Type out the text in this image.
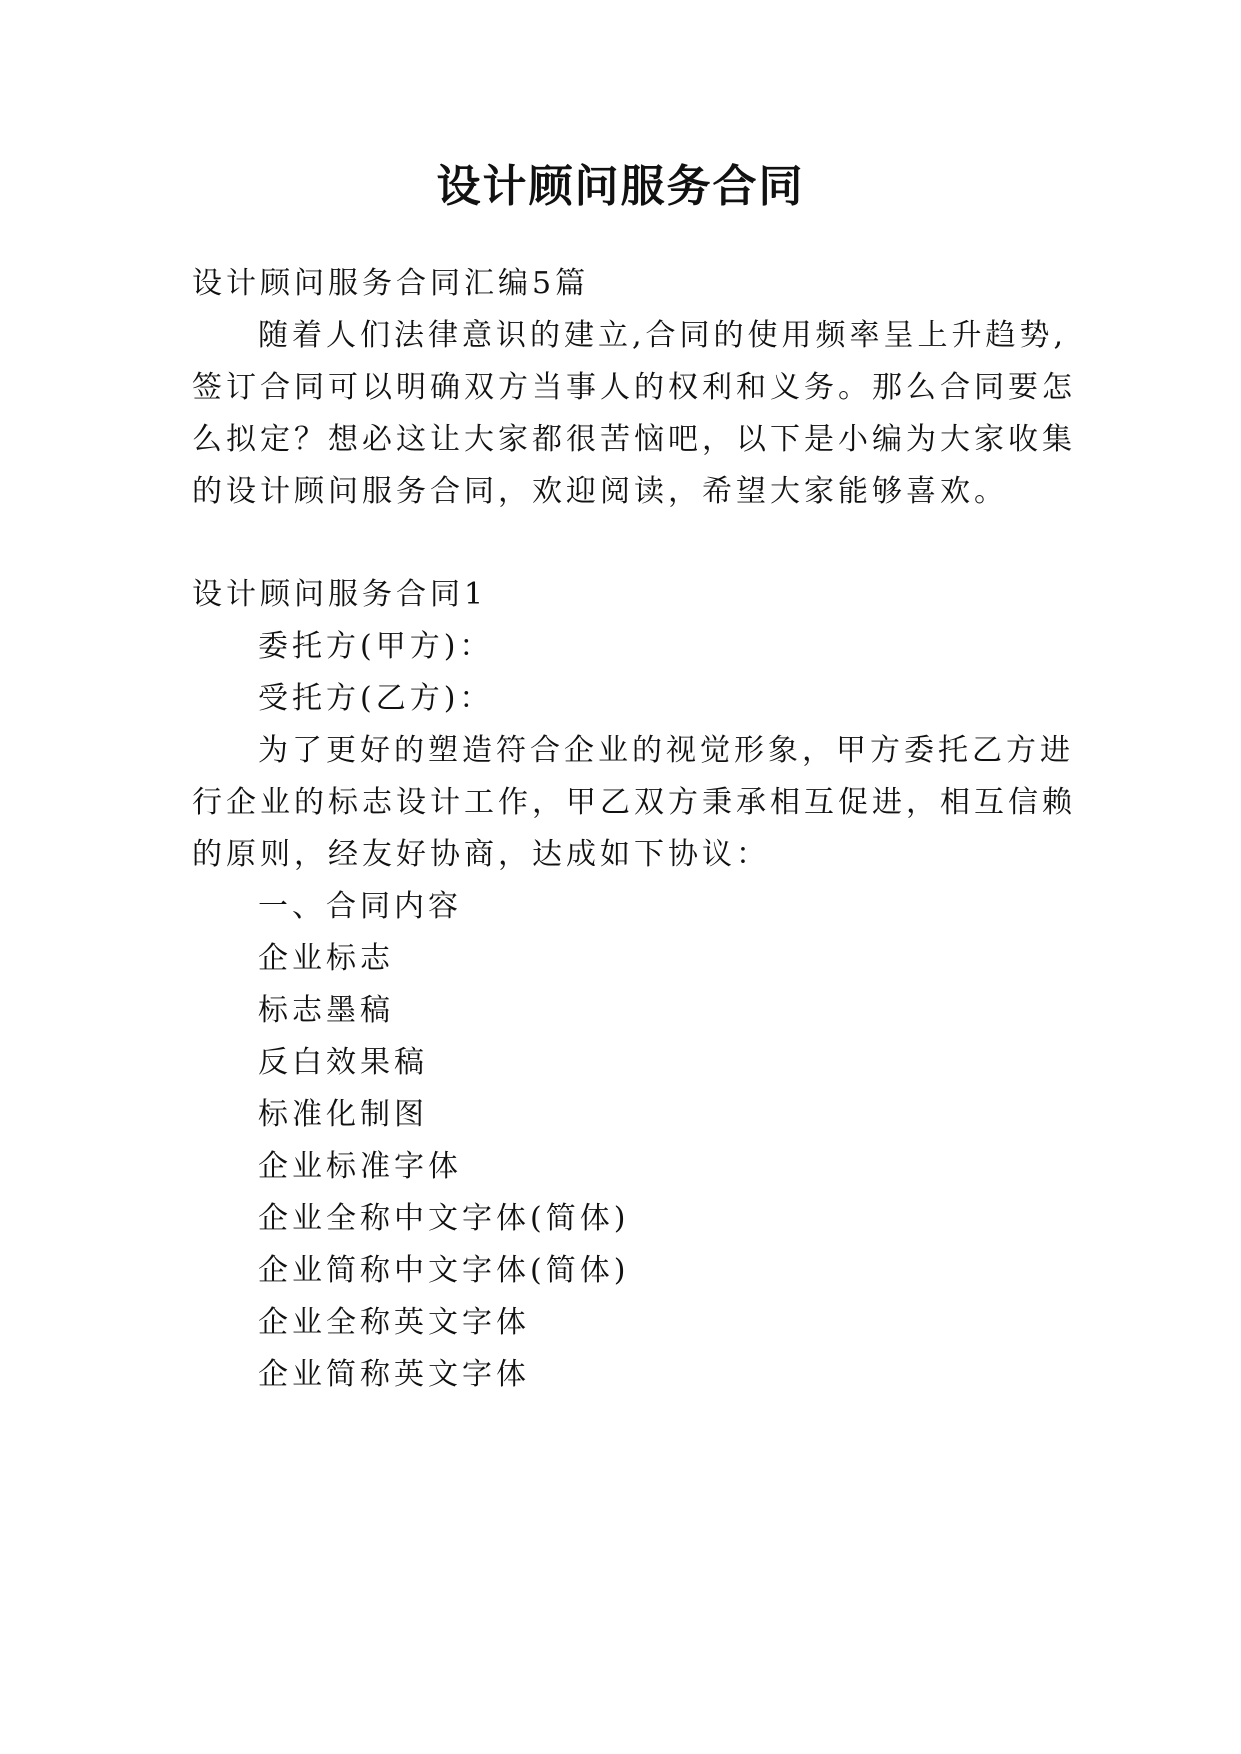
设计顾问服务合同
设计顾问服务合同汇编5篇
随着人们法律意识的建立,合同的使用频率呈上升趋势,
签订合同可以明确双方当事人的权利和义务。那么合同要怎
么拟定？想必这让大家都很苦恼吧，以下是小编为大家收集
的设计顾问服务合同，欢迎阅读，希望大家能够喜欢。
设计顾问服务合同1
委托方(甲方)：
受托方(乙方)：
为了更好的塑造符合企业的视觉形象，甲方委托乙方进
行企业的标志设计工作，甲乙双方秉承相互促进，相互信赖
的原则，经友好协商，达成如下协议：
一、合同内容
企业标志
标志墨稿
反白效果稿
标准化制图
企业标准字体
企业全称中文字体(简体)
企业简称中文字体(简体)
企业全称英文字体
企业简称英文字体
